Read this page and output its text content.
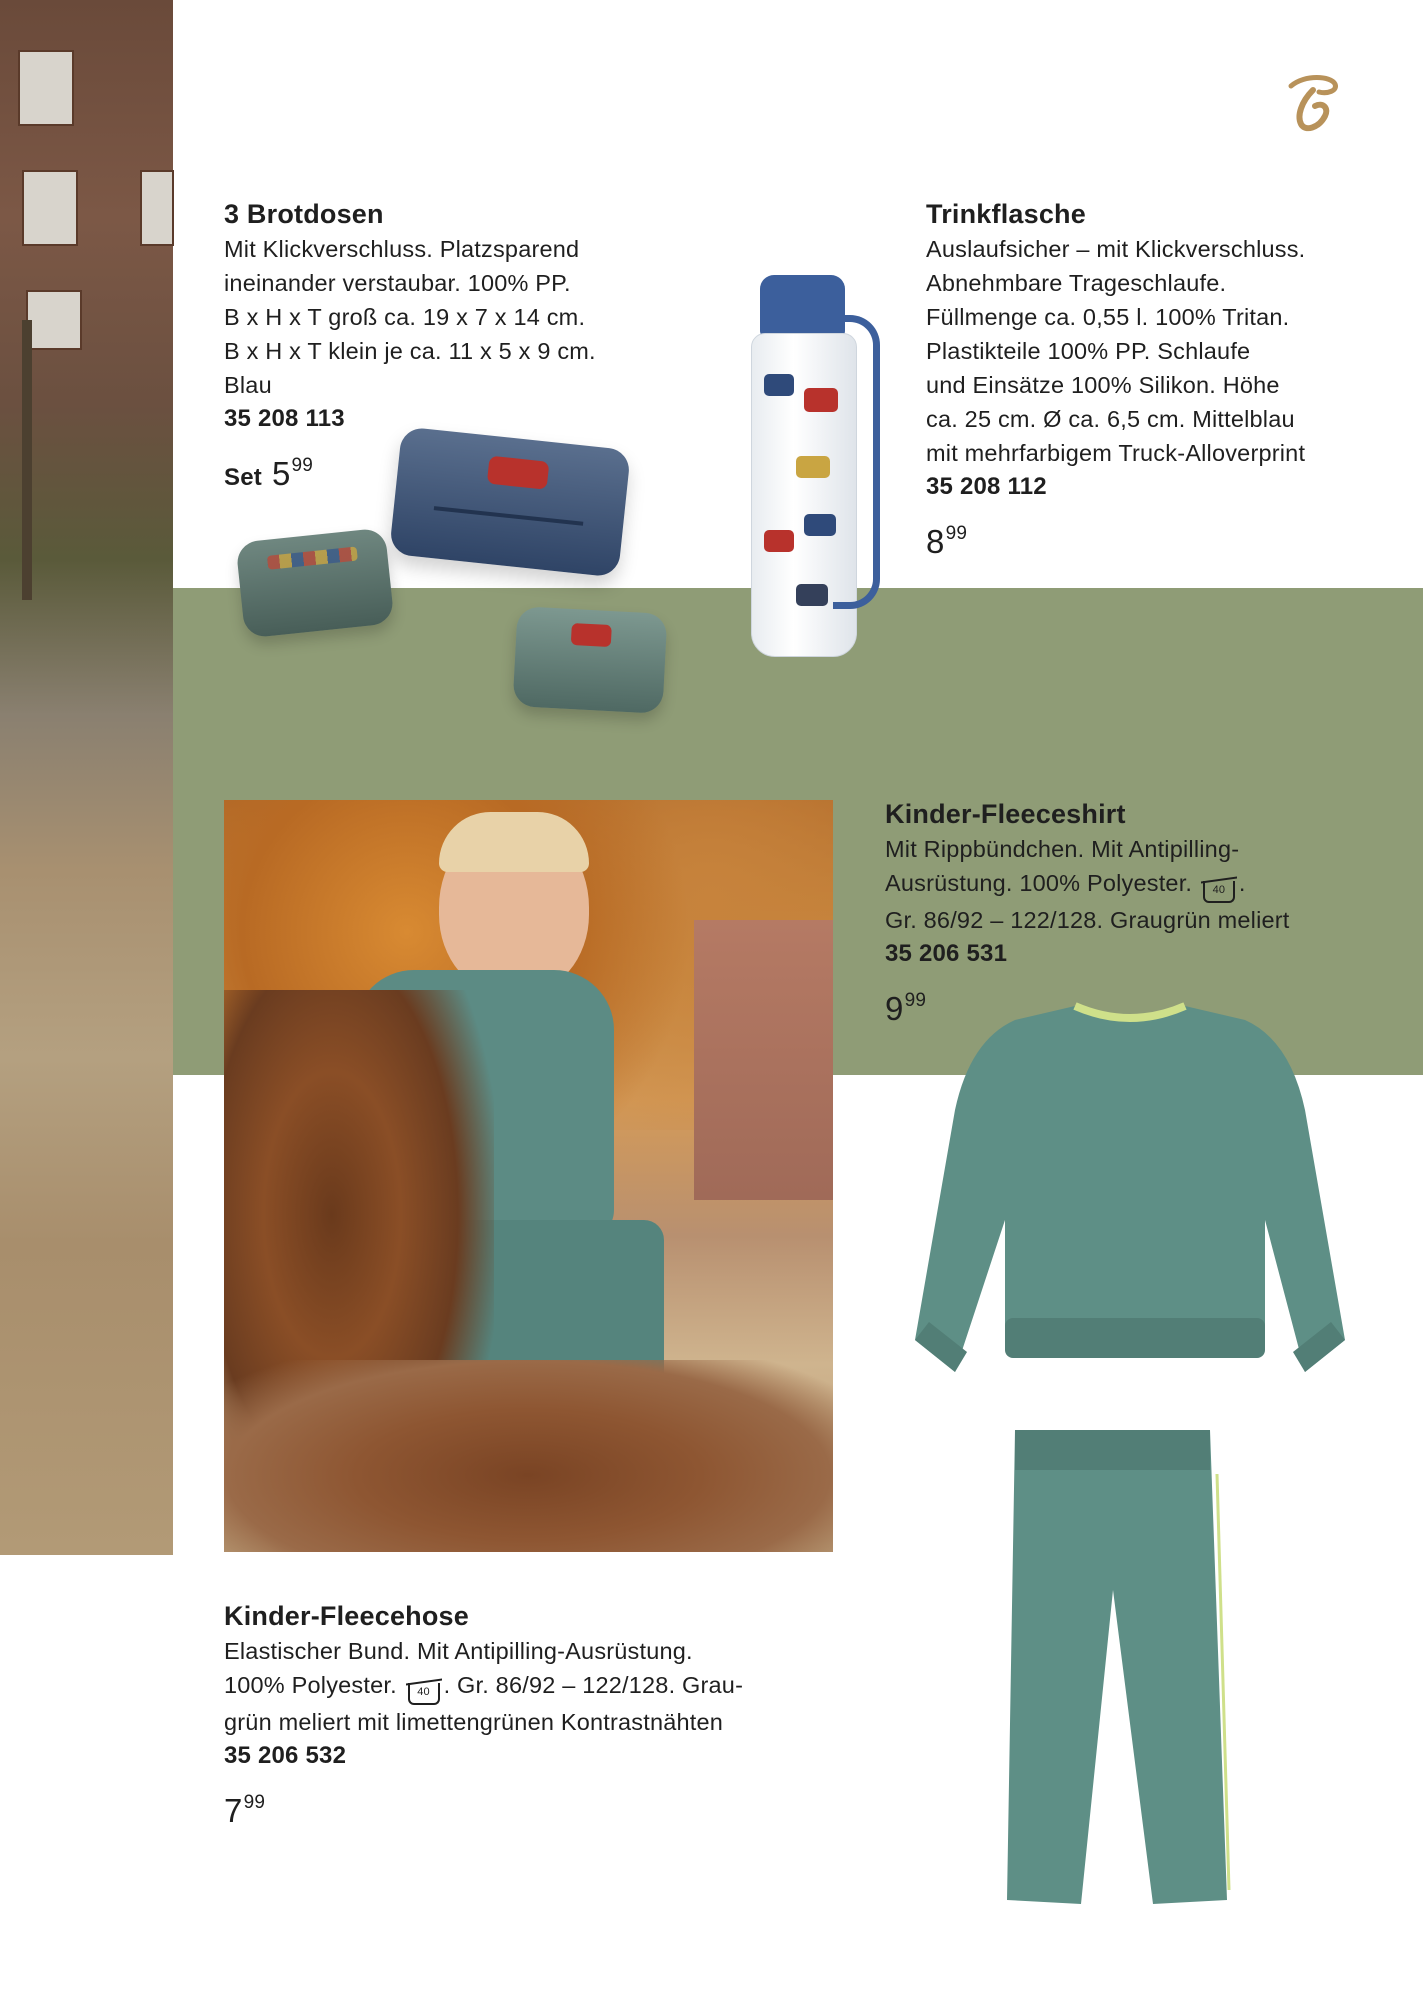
3 Brotdosen

Mit Klickverschluss. Platzsparend

ineinander verstaubar. 100% PP.

B x H x T groß ca. 19 x 7 x 14 cm.

B x H x T klein je ca. 11 x 5 x 9 cm.

Blau

35 208 113

Set $5^{99}$
Trinkflasche

Auslaufsicher – mit Klickverschluss.

Abnehmbare Trageschlaufe.

Füllmenge ca. 0,55 l. 100% Tritan.

Plastikteile 100% PP. Schlaufe

und Einsätze 100% Silikon. Höhe

ca. 25 cm. Ø ca. 6,5 cm. Mittelblau

mit mehrfarbigem Truck-Alloverprint

35 208 112

$8^{99}$
Kinder-Fleeceshirt

Mit Rippbündchen. Mit Antipilling-

Ausrüstung. 100% Polyester. 40 .

Gr. 86/92 – 122/128. Graugrün meliert

35 206 531

$9^{99}$
Kinder-Fleecehose

Elastischer Bund. Mit Antipilling-Ausrüstung.

100% Polyester. 40 . Gr. 86/92 – 122/128. Grau-

grün meliert mit limettengrünen Kontrastnähten

35 206 532

$7^{99}$
